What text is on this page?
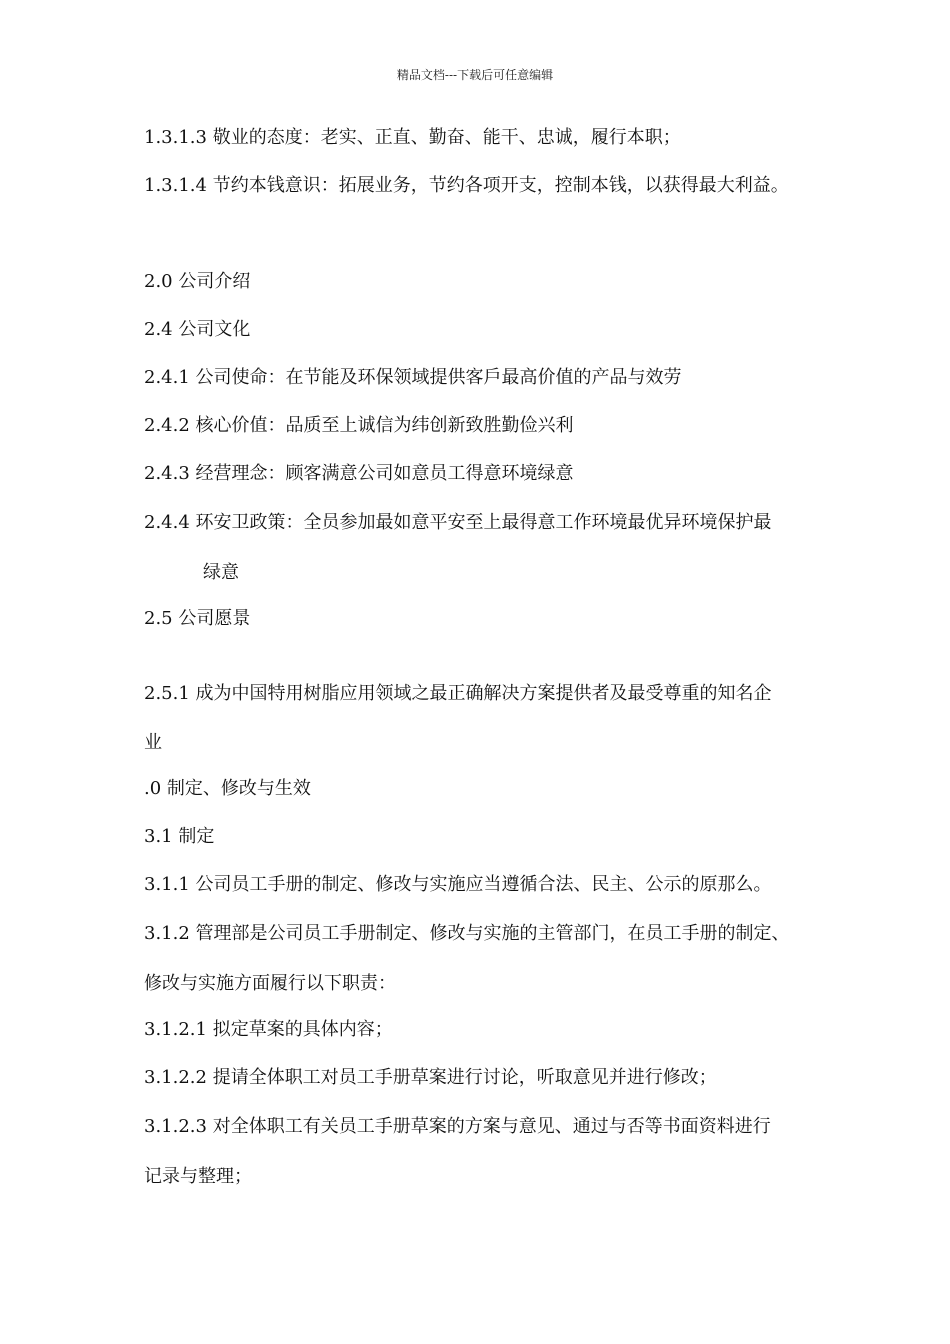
精品文档---下载后可任意编辑
1.3.1.3 敬业的态度：老实、正直、勤奋、能干、忠诚，履行本职；
1.3.1.4 节约本钱意识：拓展业务，节约各项开支，控制本钱，以获得最大利益。
2.0 公司介绍
2.4 公司文化
2.4.1 公司使命：在节能及环保领域提供客戶最高价值的产品与效劳
2.4.2 核心价值：品质至上诚信为纬创新致胜勤俭兴利
2.4.3 经营理念：顾客满意公司如意员工得意环境绿意
2.4.4 环安卫政策：全员参加最如意平安至上最得意工作环境最优异环境保护最
绿意
2.5 公司愿景
2.5.1 成为中国特用树脂应用领域之最正确解决方案提供者及最受尊重的知名企
业
.0 制定、修改与生效
3.1 制定
3.1.1 公司员工手册的制定、修改与实施应当遵循合法、民主、公示的原那么。
3.1.2 管理部是公司员工手册制定、修改与实施的主管部门，在员工手册的制定、
修改与实施方面履行以下职责：
3.1.2.1 拟定草案的具体内容；
3.1.2.2 提请全体职工对员工手册草案进行讨论，听取意见并进行修改；
3.1.2.3 对全体职工有关员工手册草案的方案与意见、通过与否等书面资料进行
记录与整理；
